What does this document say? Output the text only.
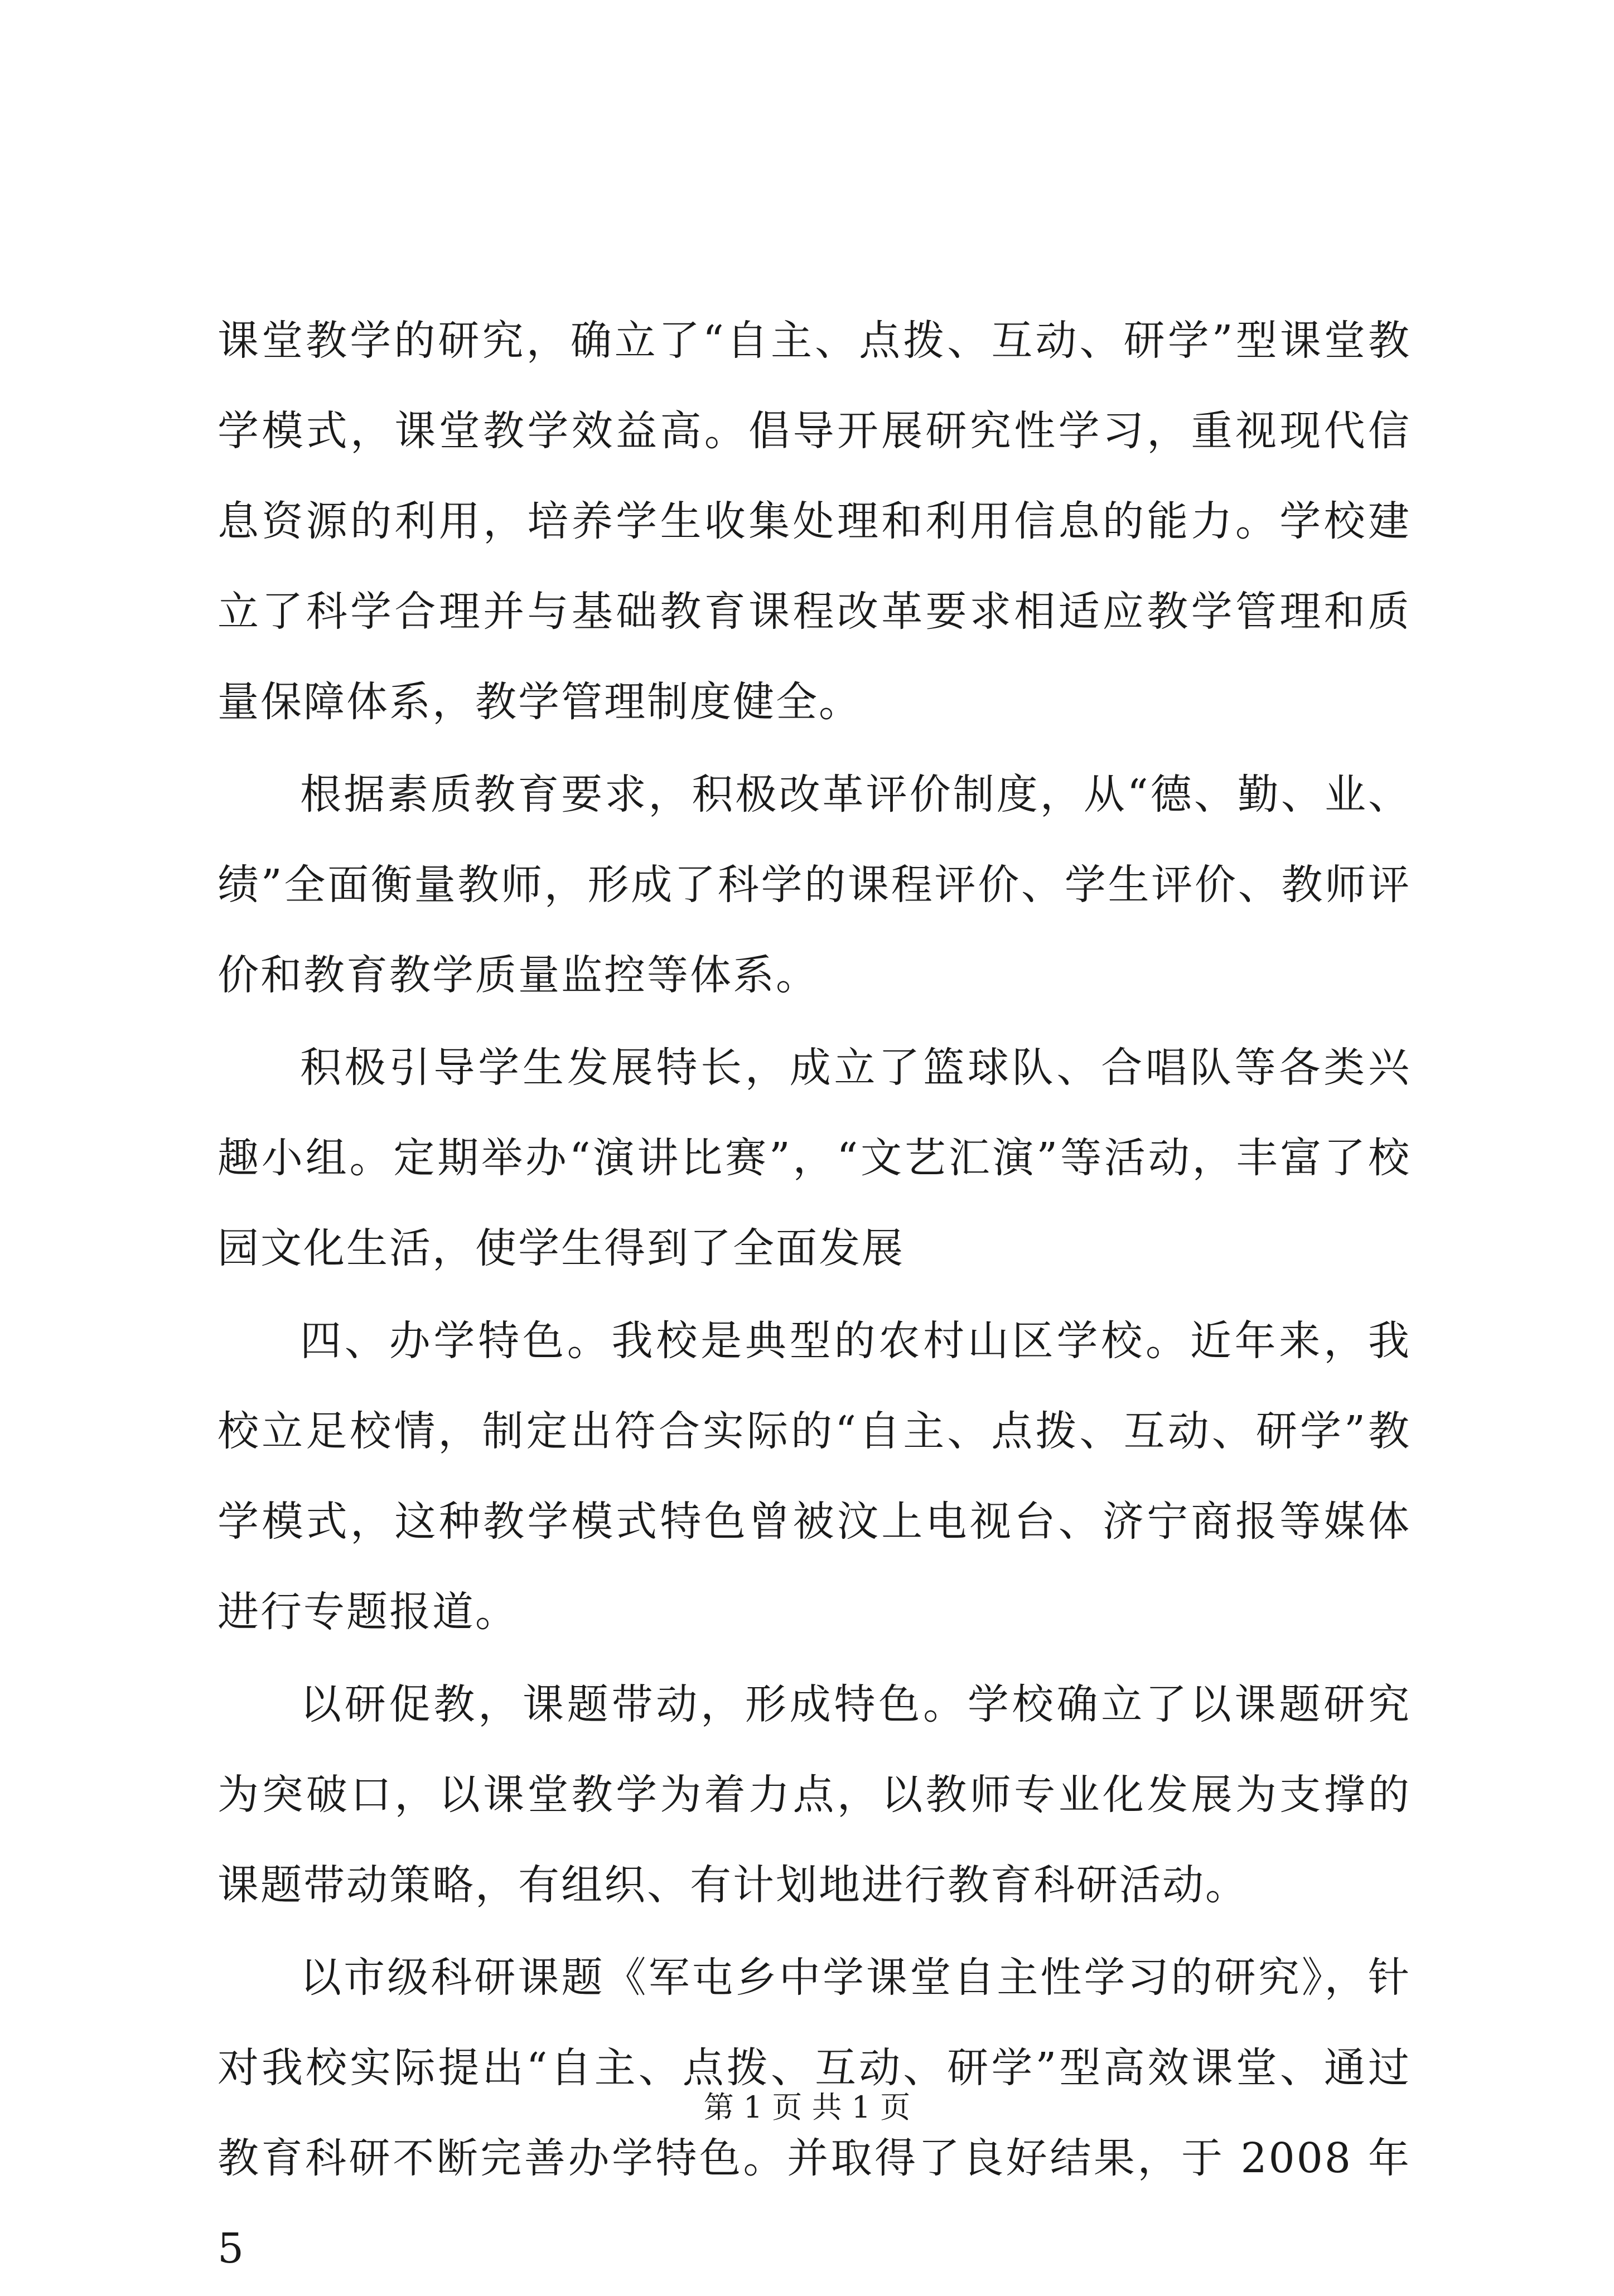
课堂教学的研究，确立了“自主、点拨、互动、研学”型课堂教学模式，课堂教学效益高。倡导开展研究性学习，重视现代信息资源的利用，培养学生收集处理和利用信息的能力。学校建立了科学合理并与基础教育课程改革要求相适应教学管理和质量保障体系，教学管理制度健全。

根据素质教育要求，积极改革评价制度，从“德、勤、业、绩”全面衡量教师，形成了科学的课程评价、学生评价、教师评价和教育教学质量监控等体系。

积极引导学生发展特长，成立了篮球队、合唱队等各类兴趣小组。定期举办“演讲比赛”，“文艺汇演”等活动，丰富了校园文化生活，使学生得到了全面发展

四、办学特色。我校是典型的农村山区学校。近年来，我校立足校情，制定出符合实际的“自主、点拨、互动、研学”教学模式，这种教学模式特色曾被汶上电视台、济宁商报等媒体进行专题报道。

以研促教，课题带动，形成特色。学校确立了以课题研究为突破口，以课堂教学为着力点，以教师专业化发展为支撑的课题带动策略，有组织、有计划地进行教育科研活动。

以市级科研课题《军屯乡中学课堂自主性学习的研究》，针对我校实际提出“自主、点拨、互动、研学”型高效课堂、通过教育科研不断完善办学特色。并取得了良好结果，于 2008 年 5

第 1 页 共 1 页
